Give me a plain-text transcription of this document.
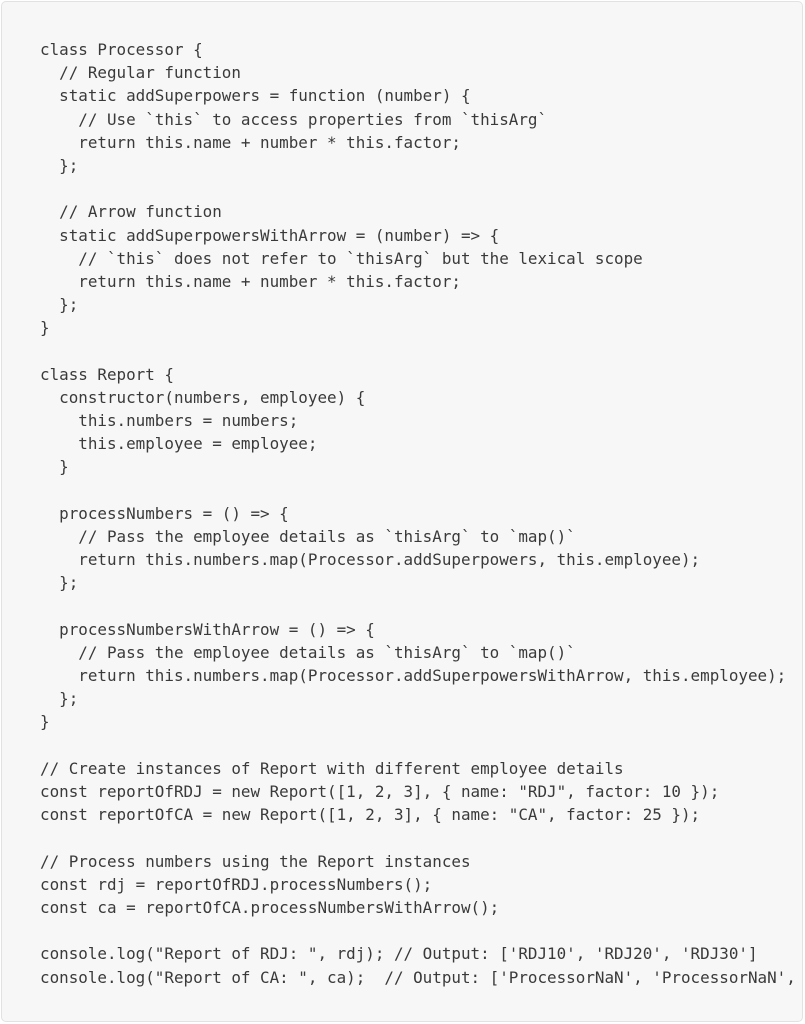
class Processor {
// Regular function
static addSuperpowers = function (number) {
// Use `this` to access properties from `thisArg`
return this.name + number * this.factor;
};
// Arrow function
static addSuperpowersWithArrow = (number) => {
// `this` does not refer to `thisArg` but the lexical scope
return this.name + number * this.factor;
};
}
class Report {
constructor(numbers, employee) {
this.numbers = numbers;
this.employee = employee;
}
processNumbers = () => {
// Pass the employee details as `thisArg` to `map()`
return this.numbers.map(Processor.addSuperpowers, this.employee);
};
processNumbersWithArrow = () => {
// Pass the employee details as `thisArg` to `map()`
return this.numbers.map(Processor.addSuperpowersWithArrow, this.employee);
};
}
// Create instances of Report with different employee details
const reportOfRDJ = new Report([1, 2, 3], { name: "RDJ", factor: 10 });
const reportOfCA = new Report([1, 2, 3], { name: "CA", factor: 25 });
// Process numbers using the Report instances
const rdj = reportOfRDJ.processNumbers();
const ca = reportOfCA.processNumbersWithArrow();
console.log("Report of RDJ: ", rdj); // Output: ['RDJ10', 'RDJ20', 'RDJ30']
console.log("Report of CA: ", ca);  // Output: ['ProcessorNaN', 'ProcessorNaN',
